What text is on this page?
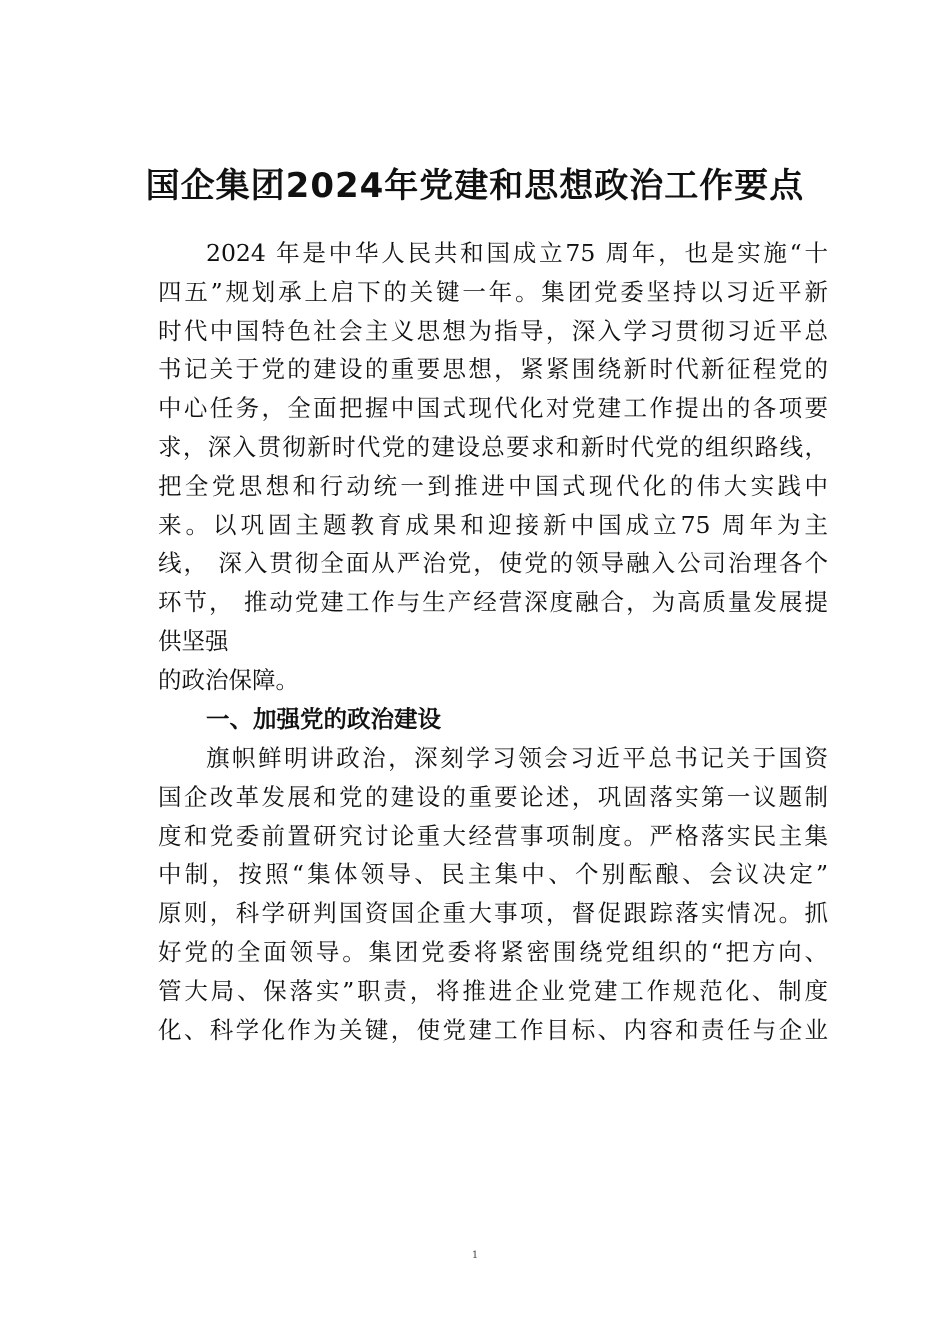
国企集团2024年党建和思想政治工作要点
2024 年是中华人民共和国成立75 周年，也是实施“十
四五”规划承上启下的关键一年。集团党委坚持以习近平新
时代中国特色社会主义思想为指导，深入学习贯彻习近平总
书记关于党的建设的重要思想，紧紧围绕新时代新征程党的
中心任务，全面把握中国式现代化对党建工作提出的各项要
求，深入贯彻新时代党的建设总要求和新时代党的组织路线，
把全党思想和行动统一到推进中国式现代化的伟大实践中
来。以巩固主题教育成果和迎接新中国成立75 周年为主
线， 深入贯彻全面从严治党，使党的领导融入公司治理各个
环节， 推动党建工作与生产经营深度融合，为高质量发展提
供坚强
的政治保障。
一、加强党的政治建设
旗帜鲜明讲政治，深刻学习领会习近平总书记关于国资
国企改革发展和党的建设的重要论述，巩固落实第一议题制
度和党委前置研究讨论重大经营事项制度。严格落实民主集
中制，按照“集体领导、民主集中、个别酝酿、会议决定”
原则，科学研判国资国企重大事项，督促跟踪落实情况。抓
好党的全面领导。集团党委将紧密围绕党组织的“把方向、
管大局、保落实”职责，将推进企业党建工作规范化、制度
化、科学化作为关键，使党建工作目标、内容和责任与企业
1
